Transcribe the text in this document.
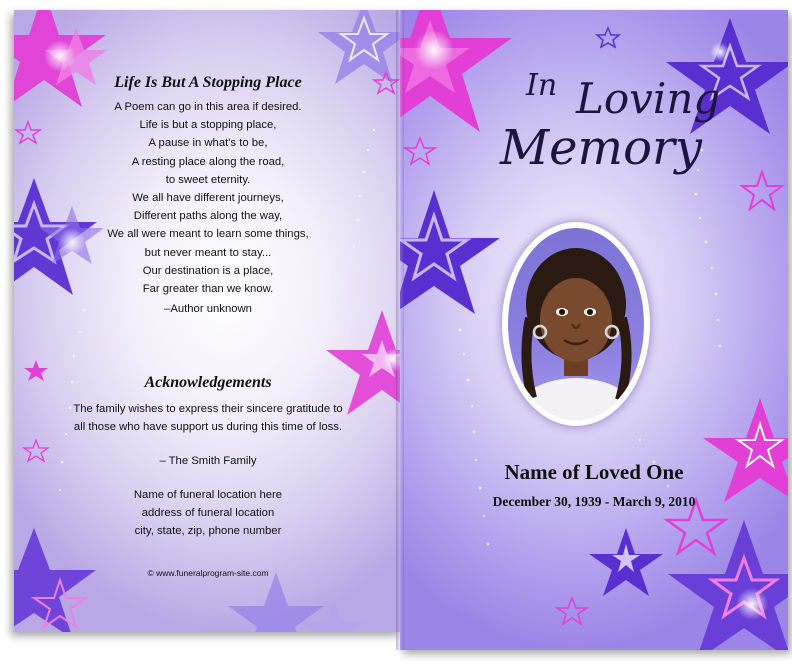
Life Is But A Stopping Place
A Poem can go in this area if desired.
Life is but a stopping place,
A pause in what's to be,
A resting place along the road,
to sweet eternity.
We all have different journeys,
Different paths along the way,
We all were meant to learn some things,
but never meant to stay...
Our destination is a place,
Far greater than we know.
–Author unknown
Acknowledgements
The family wishes to express their sincere gratitude to
all those who have support us during this time of loss.
– The Smith Family
Name of funeral location here
address of funeral location
city, state, zip, phone number
© www.funeralprogram-site.com
In Loving
Memory
Name of Loved One
December 30, 1939 - March 9, 2010
